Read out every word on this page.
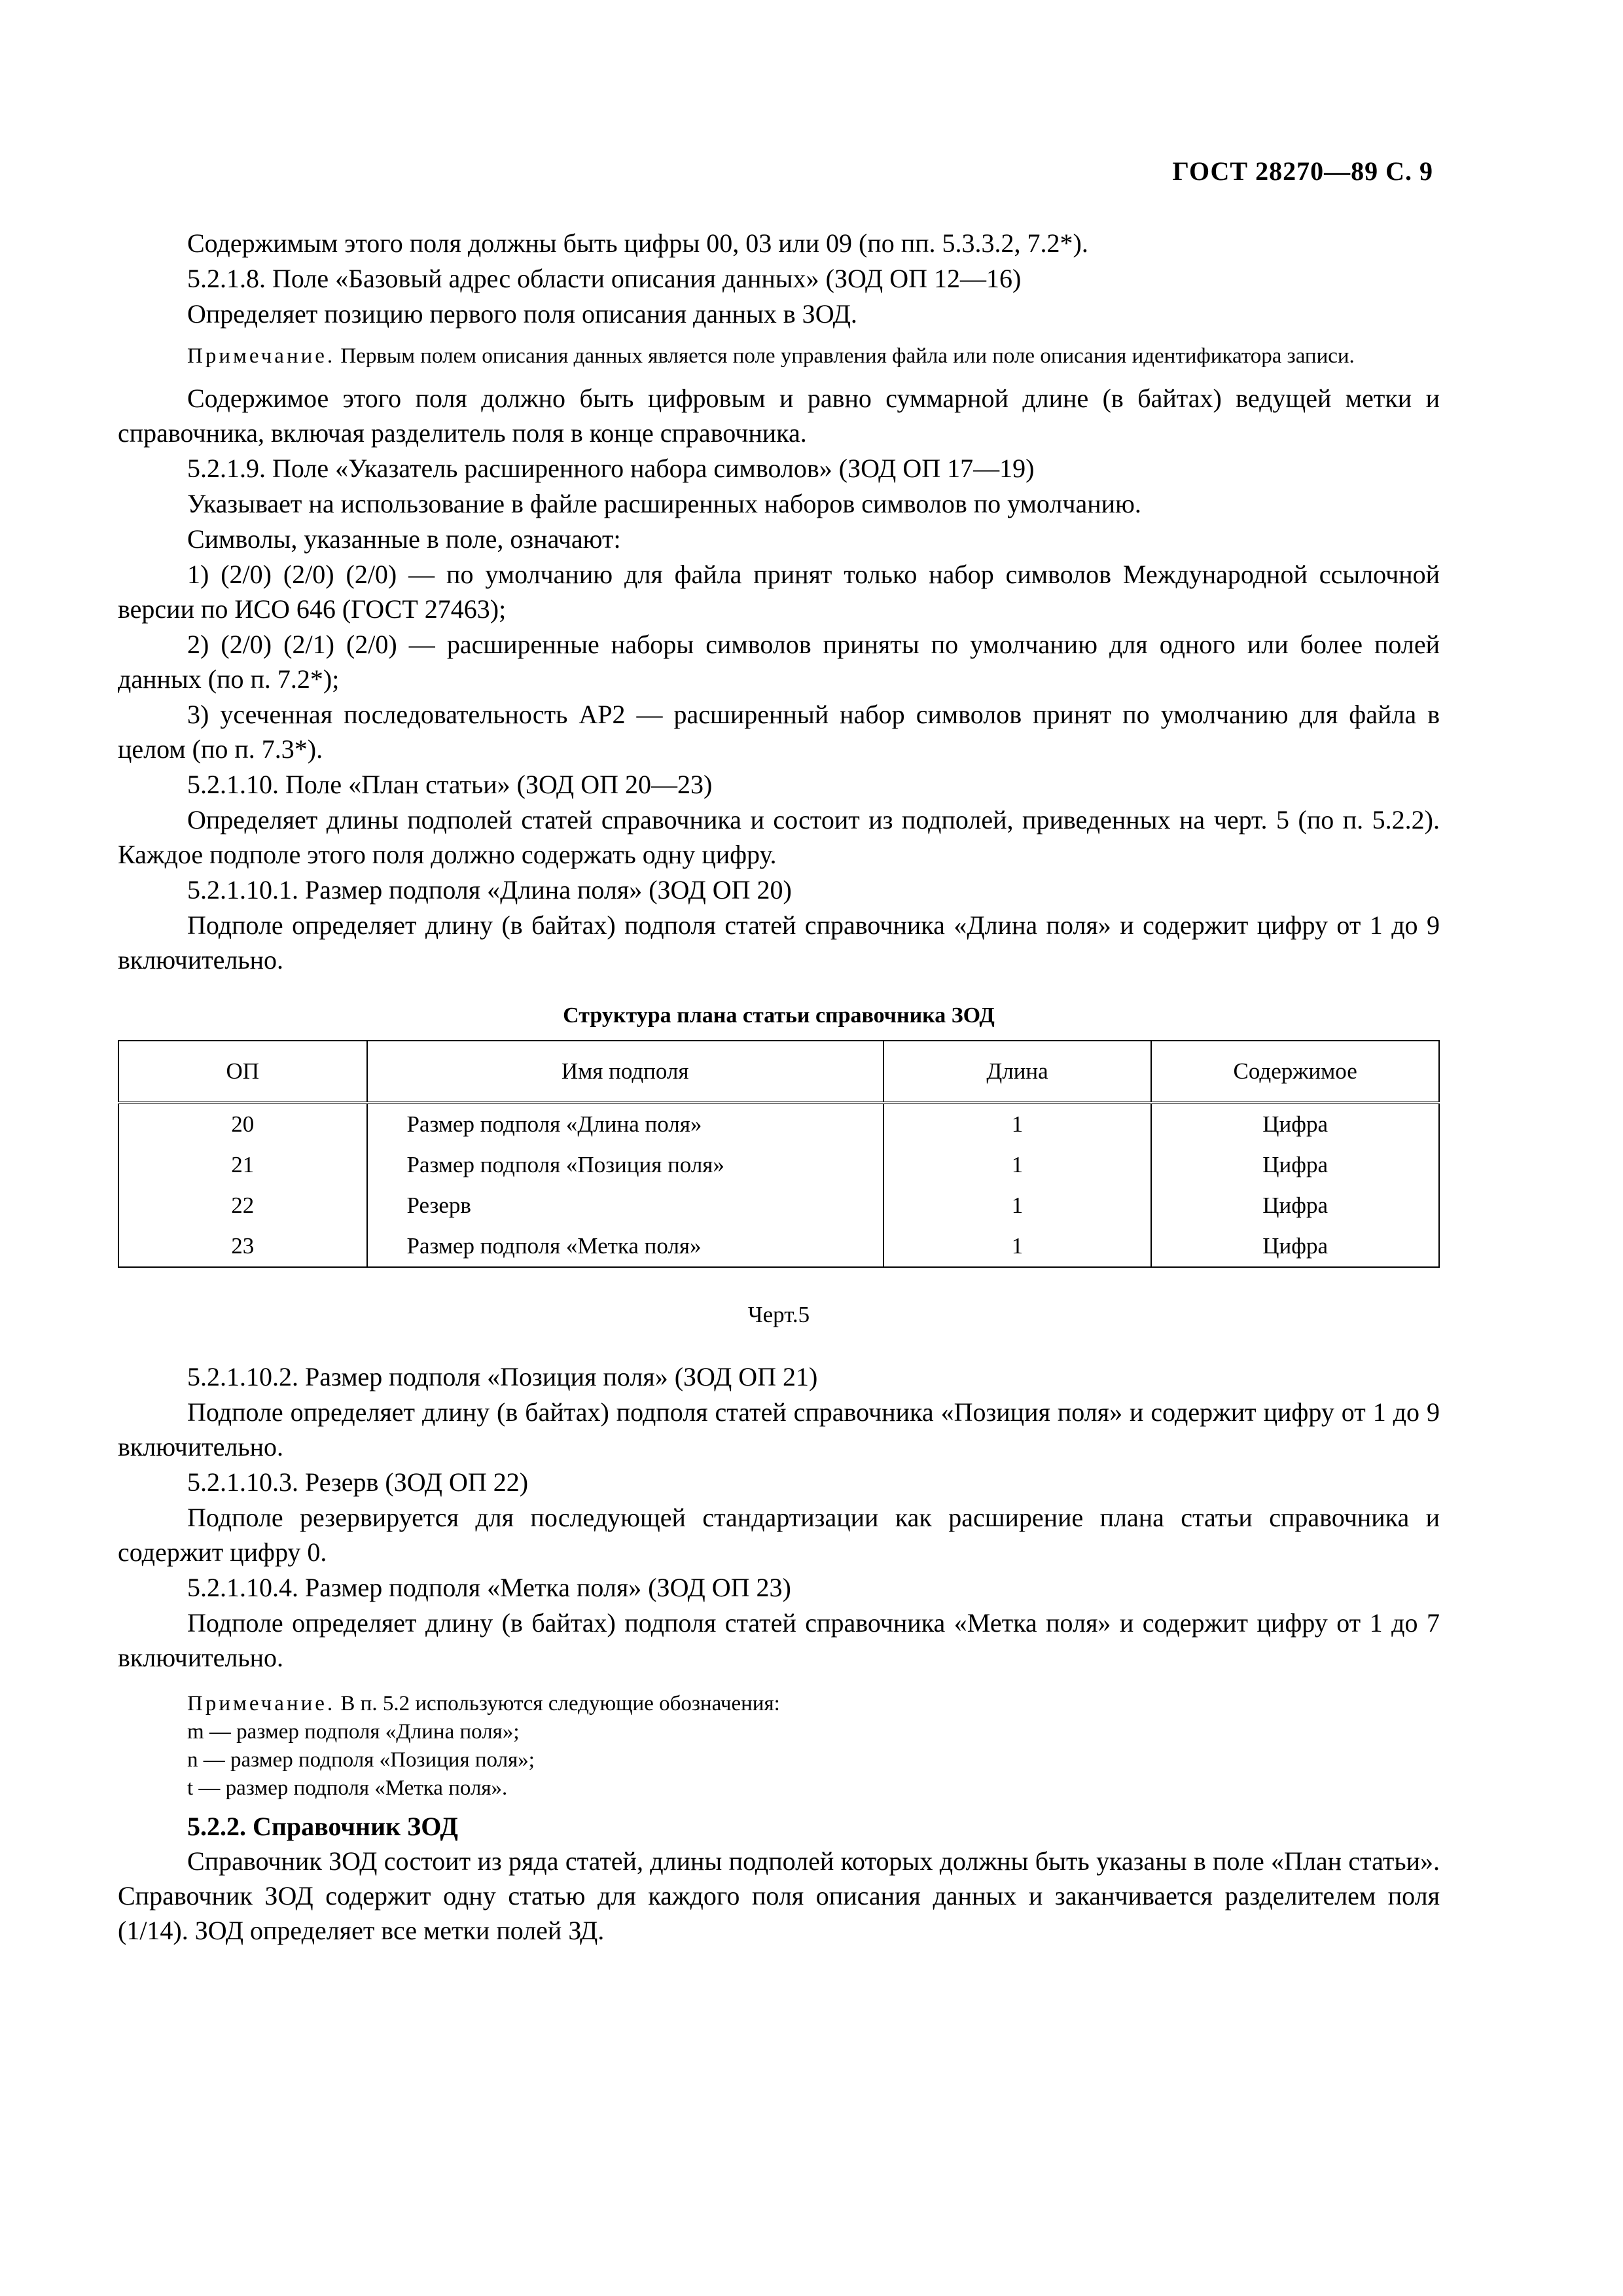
ГОСТ 28270—89 С. 9

Содержимым этого поля должны быть цифры 00, 03 или 09 (по пп. 5.3.3.2, 7.2*).

5.2.1.8. Поле «Базовый адрес области описания данных» (ЗОД ОП 12—16)

Определяет позицию первого поля описания данных в ЗОД.

Примечание. Первым полем описания данных является поле управления файла или поле описания идентификатора записи.

Содержимое этого поля должно быть цифровым и равно суммарной длине (в байтах) ведущей метки и справочника, включая разделитель поля в конце справочника.

5.2.1.9. Поле «Указатель расширенного набора символов» (ЗОД ОП 17—19)

Указывает на использование в файле расширенных наборов символов по умолчанию.

Символы, указанные в поле, означают:

1) (2/0) (2/0) (2/0) — по умолчанию для файла принят только набор символов Международной ссылочной версии по ИСО 646 (ГОСТ 27463);

2) (2/0) (2/1) (2/0) — расширенные наборы символов приняты по умолчанию для одного или более полей данных (по п. 7.2*);

3) усеченная последовательность АР2 — расширенный набор символов принят по умолчанию для файла в целом (по п. 7.3*).

5.2.1.10. Поле «План статьи» (ЗОД ОП 20—23)

Определяет длины подполей статей справочника и состоит из подполей, приведенных на черт. 5 (по п. 5.2.2). Каждое подполе этого поля должно содержать одну цифру.

5.2.1.10.1. Размер подполя «Длина поля» (ЗОД ОП 20)

Подполе определяет длину (в байтах) подполя статей справочника «Длина поля» и содержит цифру от 1 до 9 включительно.

Структура плана статьи справочника ЗОД
ОП	Имя подполя	Длина	Содержимое
20	Размер подполя «Длина поля»	1	Цифра
21	Размер подполя «Позиция поля»	1	Цифра
22	Резерв	1	Цифра
23	Размер подполя «Метка поля»	1	Цифра
Черт.5

5.2.1.10.2. Размер подполя «Позиция поля» (ЗОД ОП 21)

Подполе определяет длину (в байтах) подполя статей справочника «Позиция поля» и содержит цифру от 1 до 9 включительно.

5.2.1.10.3. Резерв (ЗОД ОП 22)

Подполе резервируется для последующей стандартизации как расширение плана статьи справочника и содержит цифру 0.

5.2.1.10.4. Размер подполя «Метка поля» (ЗОД ОП 23)

Подполе определяет длину (в байтах) подполя статей справочника «Метка поля» и содержит цифру от 1 до 7 включительно.

Примечание. В п. 5.2 используются следующие обозначения:

m — размер подполя «Длина поля»;
n — размер подполя «Позиция поля»;
t — размер подполя «Метка поля».
5.2.2. Справочник ЗОД

Справочник ЗОД состоит из ряда статей, длины подполей которых должны быть указаны в поле «План статьи». Справочник ЗОД содержит одну статью для каждого поля описания данных и заканчивается разделителем поля (1/14). ЗОД определяет все метки полей ЗД.
